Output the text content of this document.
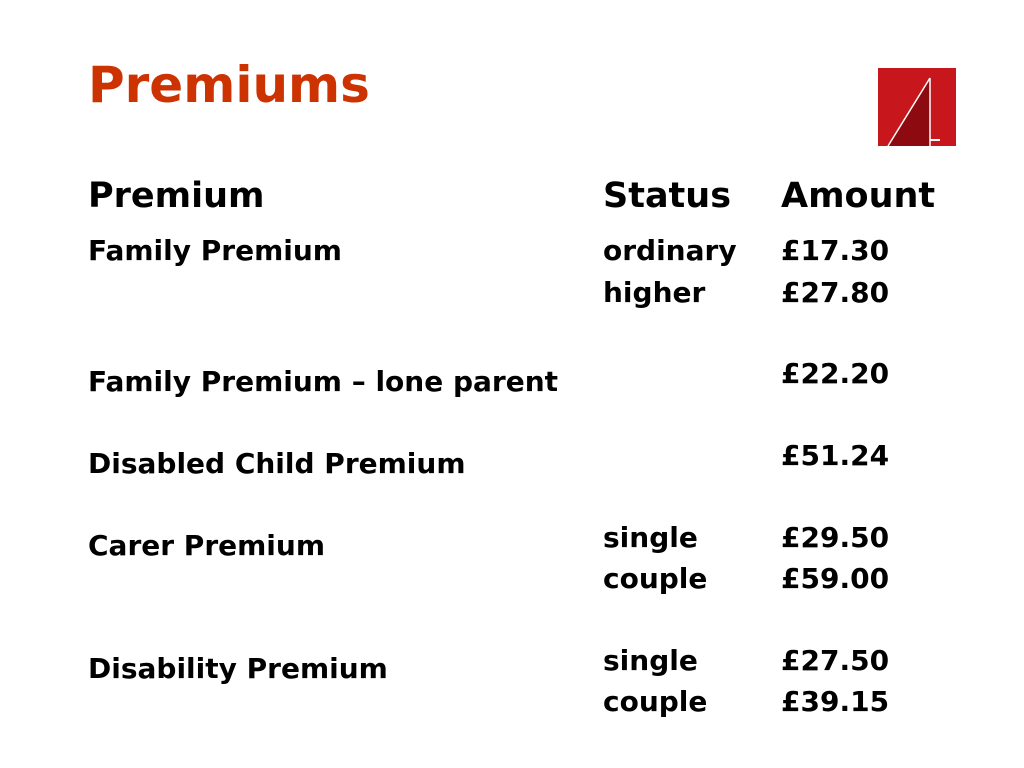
Premiums
Premium	Status Amount
Family Premium	ordinary £17.30
higher	£27.80
Family Premium – lone parent	£22.20
Disabled Child Premium	£51.24
Carer Premium	single	£29.50
couple	£59.00
Disability Premium	single	£27.50
couple	£39.15
